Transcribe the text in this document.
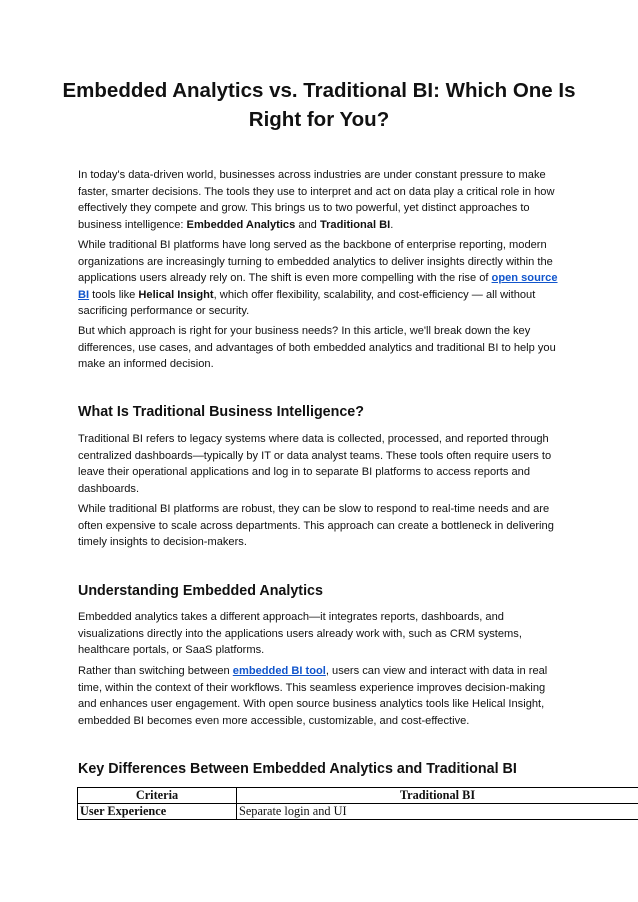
Embedded Analytics vs. Traditional BI: Which One Is Right for You?

In today's data-driven world, businesses across industries are under constant pressure to make faster, smarter decisions. The tools they use to interpret and act on data play a critical role in how effectively they compete and grow. This brings us to two powerful, yet distinct approaches to business intelligence: Embedded Analytics and Traditional BI.

While traditional BI platforms have long served as the backbone of enterprise reporting, modern organizations are increasingly turning to embedded analytics to deliver insights directly within the applications users already rely on. The shift is even more compelling with the rise of open source BI tools like Helical Insight, which offer flexibility, scalability, and cost-efficiency — all without sacrificing performance or security.

But which approach is right for your business needs? In this article, we'll break down the key differences, use cases, and advantages of both embedded analytics and traditional BI to help you make an informed decision.

What Is Traditional Business Intelligence?

Traditional BI refers to legacy systems where data is collected, processed, and reported through centralized dashboards—typically by IT or data analyst teams. These tools often require users to leave their operational applications and log in to separate BI platforms to access reports and dashboards.

While traditional BI platforms are robust, they can be slow to respond to real-time needs and are often expensive to scale across departments. This approach can create a bottleneck in delivering timely insights to decision-makers.

Understanding Embedded Analytics

Embedded analytics takes a different approach—it integrates reports, dashboards, and visualizations directly into the applications users already work with, such as CRM systems, healthcare portals, or SaaS platforms.

Rather than switching between embedded BI tool, users can view and interact with data in real time, within the context of their workflows. This seamless experience improves decision-making and enhances user engagement. With open source business analytics tools like Helical Insight, embedded BI becomes even more accessible, customizable, and cost-effective.

Key Differences Between Embedded Analytics and Traditional BI
Criteria	Traditional BI
User Experience	Separate login and UI
